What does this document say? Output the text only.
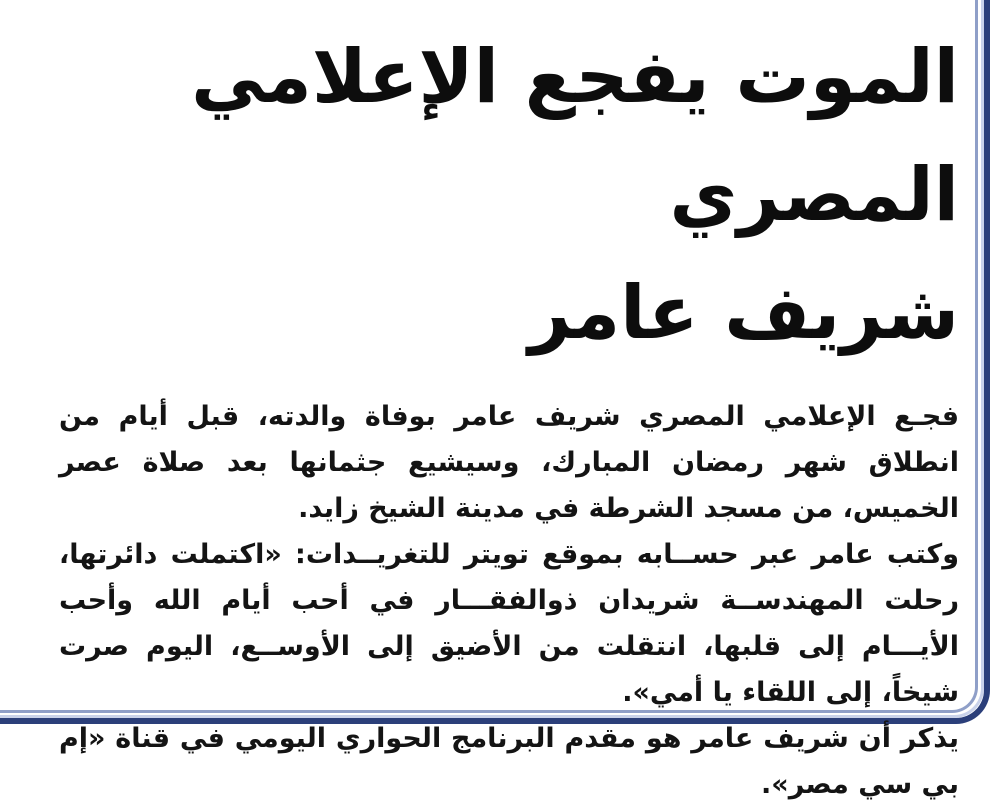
الموت يفجع الإعلامي المصري
شريف عامر

فجـع الإعلامي المصري شريف عامر بوفاة والدته، قبل أيام من انطلاق شهر رمضان المبارك، وسيشيع جثمانها بعد صلاة عصر الخميس، من مسجد الشرطة في مدينة الشيخ زايد.

وكتب عامر عبر حســابه بموقع تويتر للتغريــدات: «اكتملت دائرتها، رحلت المهندســة شريدان ذوالفقـــار في أحب أيام الله وأحب الأيـــام إلى قلبها، انتقلت من الأضيق إلى الأوســع، اليوم صرت شيخاً، إلى اللقاء يا أمي».

يذكر أن شريف عامر هو مقدم البرنامج الحواري اليومي في قناة «إم بي سي مصر».
